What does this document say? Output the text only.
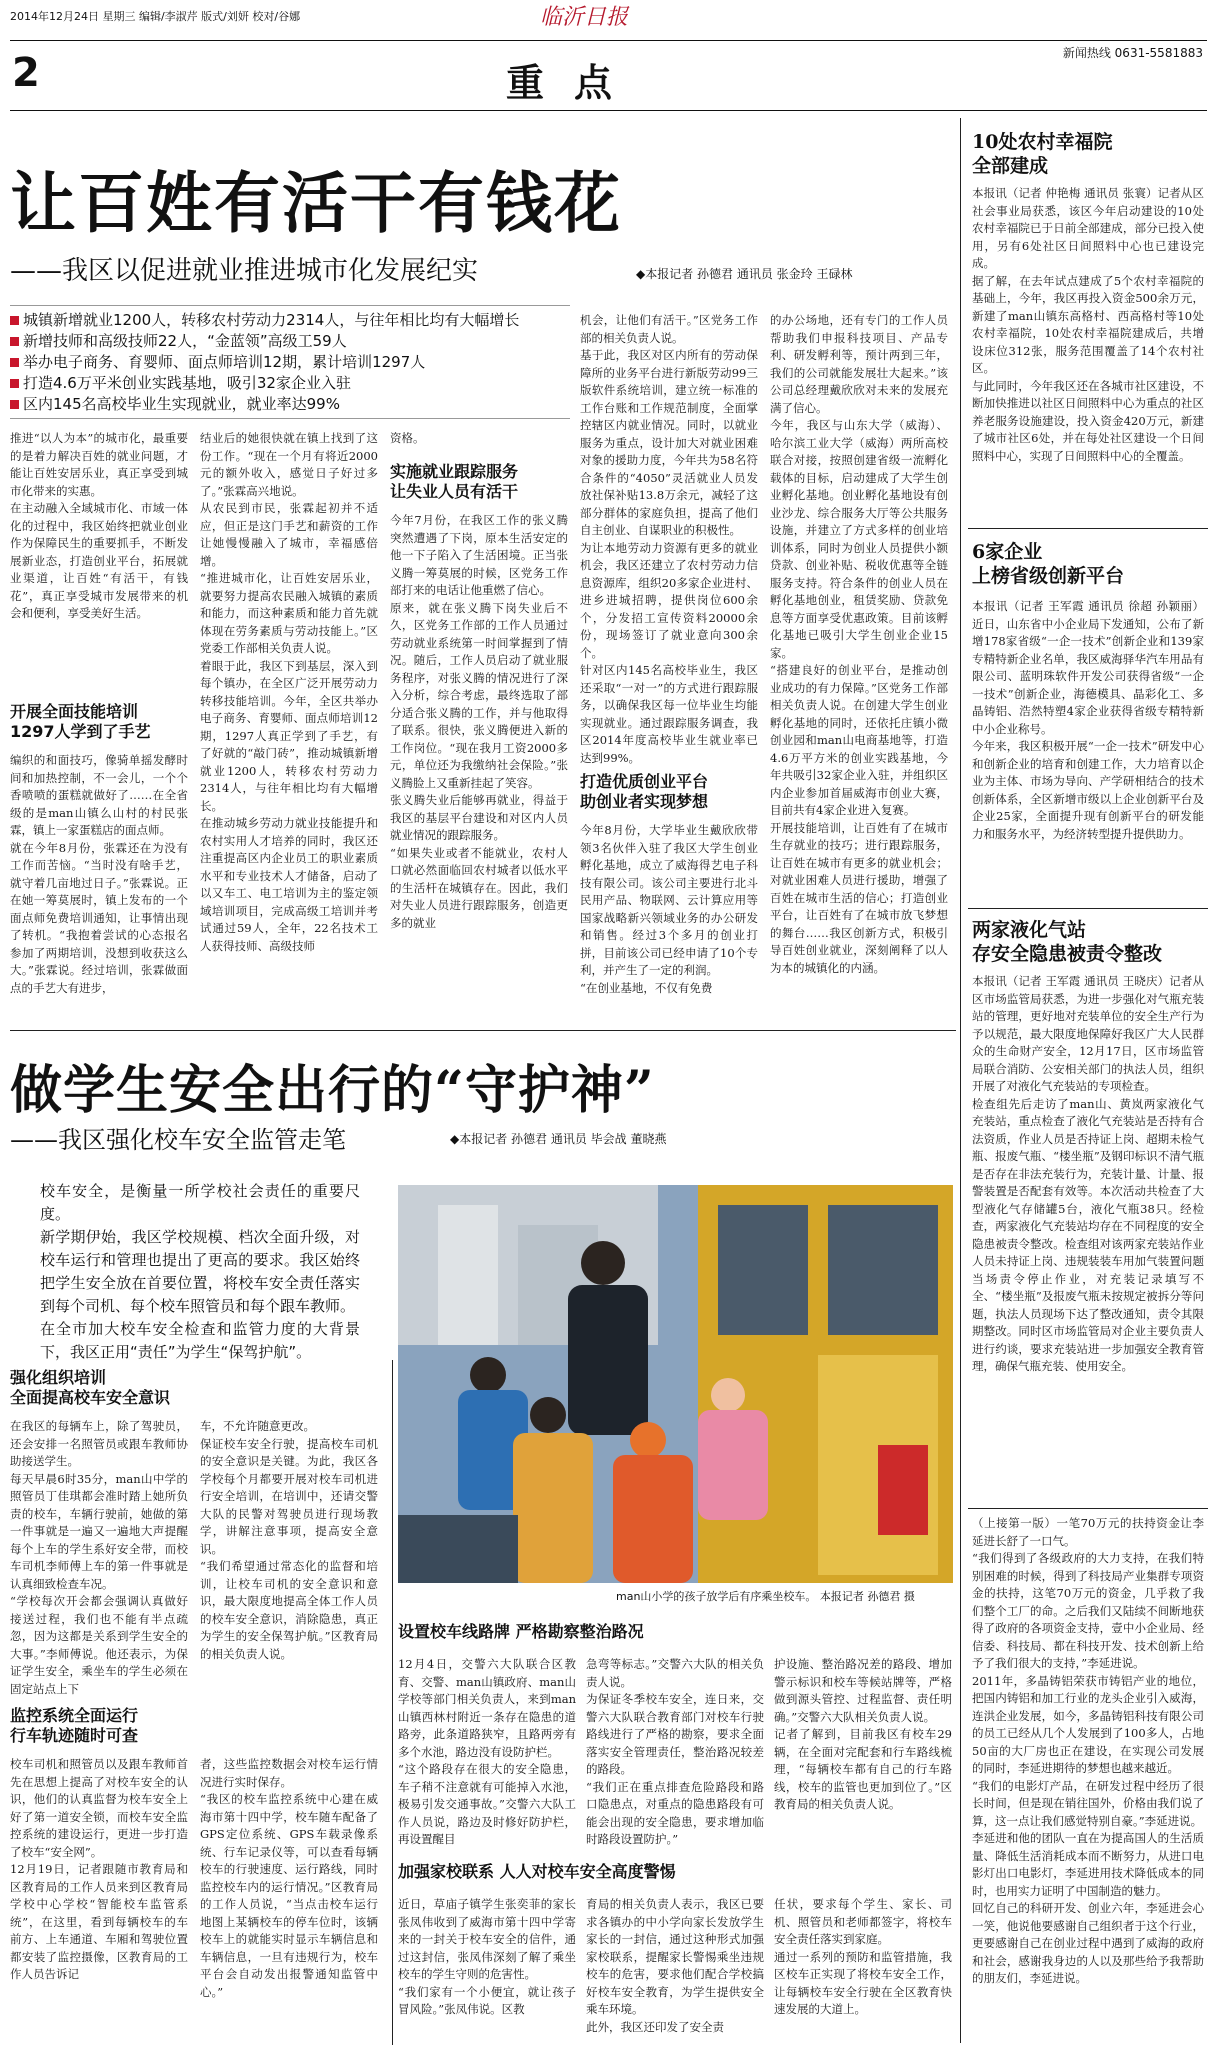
2014年12月24日 星期三 编辑/李淑芹 版式/刘妍 校对/谷娜	临沂日报
2	重点
新闻热线 0631-5581883
让百姓有活干有钱花
——我区以促进就业推进城市化发展纪实	◆本报记者 孙德君 通讯员 张金玲 王碌林
城镇新增就业1200人，转移农村劳动力2314人，与往年相比均有大幅增长
新增技师和高级技师22人，“金蓝领”高级工59人
举办电子商务、育婴师、面点师培训12期，累计培训1297人
打造4.6万平米创业实践基地，吸引32家企业入驻
区内145名高校毕业生实现就业，就业率达99%
推进“以人为本”的城市化，最重要的是着力解决百姓的就业问题，才能让百姓安居乐业，真正享受到城市化带来的实惠。
在主动融入全域城市化、市域一体化的过程中，我区始终把就业创业作为保障民生的重要抓手，不断发展新业态，打造创业平台，拓展就业渠道，让百姓“有活干，有钱花”，真正享受城市发展带来的机会和便利，享受美好生活。
开展全面技能培训
1297人学到了手艺
编织的和面技巧，像骑单摇发酵时间和加热控制，不一会儿，一个个香喷喷的蛋糕就做好了……在全省级的是man山镇么山村的村民张霖，镇上一家蛋糕店的面点师。
就在今年8月份，张霖还在为没有工作而苦恼。“当时没有啥手艺，就守着几亩地过日子。”张霖说。正在她一筹莫展时，镇上发布的一个面点师免费培训通知，让事情出现了转机。“我抱着尝试的心态报名参加了两期培训，没想到收获这么大。”张霖说。经过培训，张霖做面点的手艺大有进步，
结业后的她很快就在镇上找到了这份工作。“现在一个月有将近2000元的额外收入，感觉日子好过多了。”张霖高兴地说。
从农民到市民，张霖起初并不适应，但正是这门手艺和薪资的工作让她慢慢融入了城市，幸福感倍增。
“推进城市化，让百姓安居乐业，就要努力提高农民融入城镇的素质和能力，而这种素质和能力首先就体现在劳务素质与劳动技能上。”区党委工作部相关负责人说。
着眼于此，我区下到基层，深入到每个镇办，在全区广泛开展劳动力转移技能培训。今年，全区共举办电子商务、育婴师、面点师培训12期，1297人真正学到了手艺，有了好就的“敲门砖”，推动城镇新增就业1200人，转移农村劳动力2314人，与往年相比均有大幅增长。
在推动城乡劳动力就业技能提升和农村实用人才培养的同时，我区还注重提高区内企业员工的职业素质水平和专业技术人才储备，启动了以又车工、电工培训为主的鉴定领域培训项目，完成高级工培训并考试通过59人，全年，22名技术工人获得技师、高级技师
资格。
实施就业跟踪服务
让失业人员有活干
今年7月份，在我区工作的张义腾突然遭遇了下岗，原本生活安定的他一下子陷入了生活困境。正当张义腾一筹莫展的时候，区党务工作部打来的电话让他重燃了信心。
原来，就在张义腾下岗失业后不久，区党务工作部的工作人员通过劳动就业系统第一时间掌握到了情况。随后，工作人员启动了就业服务程序，对张义腾的情况进行了深入分析，综合考虑，最终选取了部分适合张义腾的工作，并与他取得了联系。很快，张义腾便进入新的工作岗位。“现在我月工资2000多元，单位还为我缴纳社会保险。”张义腾脸上又重新挂起了笑容。
张义腾失业后能够再就业，得益于我区的基层平台建设和对区内人员就业情况的跟踪服务。
“如果失业或者不能就业，农村人口就必然面临回农村城者以低水平的生活杆在城镇存在。因此，我们对失业人员进行跟踪服务，创造更多的就业
机会，让他们有活干。”区党务工作部的相关负责人说。
基于此，我区对区内所有的劳动保障所的业务平台进行新版劳动99三版软件系统培训，建立统一标准的工作台账和工作规范制度，全面掌控辖区内就业情况。同时，以就业服务为重点，设计加大对就业困难对象的援助力度，今年共为58名符合条件的“4050”灵活就业人员发放社保补贴13.8万余元，减轻了这部分群体的家庭负担，提高了他们自主创业、自谋职业的积极性。
为让本地劳动力资源有更多的就业机会，我区还建立了农村劳动力信息资源库，组织20多家企业进村、进乡进城招聘，提供岗位600余个，分发招工宣传资料20000余份，现场签订了就业意向300余个。
针对区内145名高校毕业生，我区还采取“一对一”的方式进行跟踪服务，以确保我区每一位毕业生均能实现就业。通过跟踪服务调查，我区2014年度高校毕业生就业率已达到99%。
打造优质创业平台
助创业者实现梦想
今年8月份，大学毕业生戴欣欣带领3名伙伴入驻了我区大学生创业孵化基地，成立了威海得艺电子科技有限公司。该公司主要进行北斗民用产品、物联网、云计算应用等国家战略新兴领域业务的办公研发和销售。经过3个多月的创业打拼，目前该公司已经申请了10个专利，并产生了一定的利润。
“在创业基地，不仅有免费
的办公场地，还有专门的工作人员帮助我们申报科技项目、产品专利、研发孵利等，预计两到三年，我们的公司就能发展壮大起来。”该公司总经理戴欣欣对未来的发展充满了信心。
今年，我区与山东大学（威海）、哈尔滨工业大学（威海）两所高校联合对接，按照创建省级一流孵化载体的目标，启动建成了大学生创业孵化基地。创业孵化基地设有创业沙龙、综合服务大厅等公共服务设施，并建立了方式多样的创业培训体系，同时为创业人员提供小额贷款、创业补贴、税收优惠等全链服务支持。符合条件的创业人员在孵化基地创业，租赁奖励、贷款免息等方面享受优惠政策。目前该孵化基地已吸引大学生创业企业15家。
“搭建良好的创业平台，是推动创业成功的有力保障。”区党务工作部相关负责人说。在创建大学生创业孵化基地的同时，还依托庄镇小微创业园和man山电商基地等，打造4.6万平方米的创业实践基地，今年共吸引32家企业入驻，并组织区内企业参加首届威海市创业大赛，目前共有4家企业进入复赛。
开展技能培训，让百姓有了在城市生存就业的技巧；进行跟踪服务，让百姓在城市有更多的就业机会；对就业困难人员进行援助，增强了百姓在城市生活的信心；打造创业平台，让百姓有了在城市放飞梦想的舞台……我区创新方式，积极引导百姓创业就业，深刻阐释了以人为本的城镇化的内涵。
10处农村幸福院
全部建成
本报讯（记者 仲艳梅 通讯员 张寰）记者从区社会事业局获悉，该区今年启动建设的10处农村幸福院已于日前全部建成，部分已投入使用，另有6处社区日间照料中心也已建设完成。
据了解，在去年试点建成了5个农村幸福院的基础上，今年，我区再投入资金500余万元，新建了man山镇东高格村、西高格村等10处农村幸福院，10处农村幸福院建成后，共增设床位312张，服务范围覆盖了14个农村社区。
与此同时，今年我区还在各城市社区建设，不断加快推进以社区日间照料中心为重点的社区养老服务设施建设，投入资金420万元，新建了城市社区6处，并在每处社区建设一个日间照料中心，实现了日间照料中心的全覆盖。
6家企业
上榜省级创新平台
本报讯（记者 王军霞 通讯员 徐超 孙颖丽）近日，山东省中小企业局下发通知，公布了新增178家省级“一企一技术”创新企业和139家专精特新企业名单，我区威海驿华汽车用品有限公司、蓝明珠软件开发公司获得省级“一企一技术”创新企业，海德模具、晶彩化工、多晶铸铝、浩然特塑4家企业获得省级专精特新中小企业称号。
今年来，我区积极开展“一企一技术”研发中心和创新企业的培育和创建工作，大力培育以企业为主体、市场为导向、产学研相结合的技术创新体系，全区新增市级以上企业创新平台及企业25家，全面提升现有创新平台的研发能力和服务水平，为经济转型提升提供助力。
两家液化气站
存安全隐患被责令整改
本报讯（记者 王军霞 通讯员 王晓庆）记者从区市场监管局获悉，为进一步强化对气瓶充装站的管理，更好地对充装单位的安全生产行为予以规范，最大限度地保障好我区广大人民群众的生命财产安全，12月17日，区市场监管局联合消防、公安相关部门的执法人员，组织开展了对液化气充装站的专项检查。
检查组先后走访了man山、黄岚两家液化气充装站，重点检查了液化气充装站是否持有合法资质，作业人员是否持证上岗、超期未检气瓶、报废气瓶、“楼坐瓶”及钢印标识不清气瓶是否存在非法充装行为，充装计量、计量、报警装置是否配套有效等。本次活动共检查了大型液化气存储罐5台，液化气瓶38只。经检查，两家液化气充装站均存在不同程度的安全隐患被责令整改。检查组对该两家充装站作业人员未持证上岗、违规装装车用加气装置问题当场责令停止作业，对充装记录填写不全、“楼坐瓶”及报废气瓶未按规定被拆分等问题，执法人员现场下达了整改通知，责令其限期整改。同时区市场监管局对企业主要负责人进行约谈，要求充装站进一步加强安全教育管理，确保气瓶充装、使用安全。
（上接第一版）一笔70万元的扶持资金让李延进长舒了一口气。
“我们得到了各级政府的大力支持，在我们特别困难的时候，得到了科技局产业集群专项资金的扶持，这笔70万元的资金，几乎救了我们整个工厂的命。之后我们又陆续不间断地获得了政府的各项资金支持，壹中小企业局、经信委、科技局、都在科技开发、技术创新上给予了我们很大的支持，”李延进说。
2011年，多晶铸铝荣获市铸铝产业的地位，把国内铸铝和加工行业的龙头企业引入威海，连洪企业发展，如今，多晶铸铝科技有限公司的员工已经从几个人发展到了100多人，占地50亩的大厂房也正在建设，在实现公司发展的同时，李延进期待的梦想也越来越近。
“我们的电影灯产品，在研发过程中经历了很长时间，但是现在销往国外，价格由我们说了算，这一点让我们感觉特别自豪。”李延进说。
李延进和他的团队一直在为提高国人的生活质量、降低生活消耗成本而不断努力，从进口电影灯出口电影灯，李延进用技术降低成本的同时，也用实力证明了中国制造的魅力。
回忆自己的科研开发、创业六年，李延进会心一笑，他说他要感谢自己组织者于这个行业，更要感谢自己在创业过程中遇到了威海的政府和社会，感谢我身边的人以及那些给予我帮助的朋友们，李延进说。
做学生安全出行的“守护神”
——我区强化校车安全监管走笔	◆本报记者 孙德君 通讯员 毕会战 董晓燕
校车安全，是衡量一所学校社会责任的重要尺度。
新学期伊始，我区学校规模、档次全面升级，对校车运行和管理也提出了更高的要求。我区始终把学生安全放在首要位置，将校车安全责任落实到每个司机、每个校车照管员和每个跟车教师。
在全市加大校车安全检查和监管力度的大背景下，我区正用“责任”为学生“保驾护航”。
man山小学的孩子放学后有序乘坐校车。 本报记者 孙德君 摄
强化组织培训
全面提高校车安全意识
在我区的每辆车上，除了驾驶员，还会安排一名照管员或跟车教师协助接送学生。
每天早晨6时35分，man山中学的照管员丁佳琪都会准时踏上她所负责的校车，车辆行驶前，她做的第一件事就是一遍又一遍地大声提醒每个上车的学生系好安全带，而校车司机李师傅上车的第一件事就是认真细致检查车况。
“学校每次开会都会强调认真做好接送过程，我们也不能有半点疏忽，因为这都是关系到学生安全的大事。”李师傅说。他还表示，为保证学生安全，乘坐车的学生必须在固定站点上下
车，不允许随意更改。
保证校车安全行驶，提高校车司机的安全意识是关键。为此，我区各学校每个月都要开展对校车司机进行安全培训，在培训中，还请交警大队的民警对驾驶员进行现场教学，讲解注意事项，提高安全意识。
“我们希望通过常态化的监督和培训，让校车司机的安全意识和意识，最大限度地提高全体工作人员的校车安全意识，消除隐患，真正为学生的安全保驾护航。”区教育局的相关负责人说。
监控系统全面运行
行车轨迹随时可查
校车司机和照管员以及跟车教师首先在思想上提高了对校车安全的认识，他们的认真监督为校车安全上好了第一道安全锁，而校车安全监控系统的建设运行，更进一步打造了校车“安全网”。
12月19日，记者跟随市教育局和区教育局的工作人员来到区教育局学校中心学校“智能校车监管系统”，在这里，看到每辆校车的车前方、上车通道、车厢和驾驶位置都安装了监控摄像，区教育局的工作人员告诉记
者，这些监控数据会对校车运行情况进行实时保存。
“我区的校车监控系统中心建在威海市第十四中学，校车随车配备了GPS定位系统、GPS车载录像系统、行车记录仪等，可以查看每辆校车的行驶速度、运行路线，同时监控校车内的运行情况。”区教育局的工作人员说，“当点击校车运行地图上某辆校车的停车位时，该辆校车上的就能实时显示车辆信息和车辆信息，一旦有违规行为，校车平台会自动发出报警通知监管中心。”
设置校车线路牌 严格勘察整治路况
12月4日，交警六大队联合区教育、交警、man山镇政府、man山学校等部门相关负责人，来到man山镇西林村附近一条存在隐患的道路旁，此条道路狭窄，且路两旁有多个水池，路边没有设防护栏。
“这个路段存在很大的安全隐患，车子稍不注意就有可能掉入水池，极易引发交通事故。”交警六大队工作人员说，路边及时修好防护栏，再设置醒目
急弯等标志。”交警六大队的相关负责人说。
为保证冬季校车安全，连日来，交警六大队联合教育部门对校车行驶路线进行了严格的勘察，要求全面落实安全管理责任，整治路况较差的路段。
“我们正在重点排查危险路段和路口隐患点，对重点的隐患路段有可能会出现的安全隐患，要求增加临时路段设置防护。”
护设施、整治路况差的路段、增加警示标识和校车等候站牌等，严格做到源头管控、过程监督、责任明确。”交警六大队相关负责人说。
记者了解到，目前我区有校车29辆，在全面对完配套和行车路线梳理，“每辆校车都有自己的行车路线，校车的监管也更加到位了。”区教育局的相关负责人说。
加强家校联系 人人对校车安全高度警惕
近日，草庙子镇学生张奕菲的家长张凤伟收到了威海市第十四中学寄来的一封关于校车安全的信件，通过这封信，张凤伟深刻了解了乘坐校车的学生守则的危害性。
“我们家有一个小便宜，就让孩子冒风险。”张凤伟说。区教
育局的相关负责人表示，我区已要求各镇办的中小学向家长发放学生家长的一封信，通过这种形式加强家校联系，提醒家长警惕乘坐违规校车的危害，要求他们配合学校搞好校车安全教育，为学生提供安全乘车环境。
此外，我区还印发了安全责
任状，要求每个学生、家长、司机、照管员和老师都签字，将校车安全责任落实到家庭。
通过一系列的预防和监管措施，我区校车正实现了将校车安全工作，让每辆校车安全行驶在全区教育快速发展的大道上。
